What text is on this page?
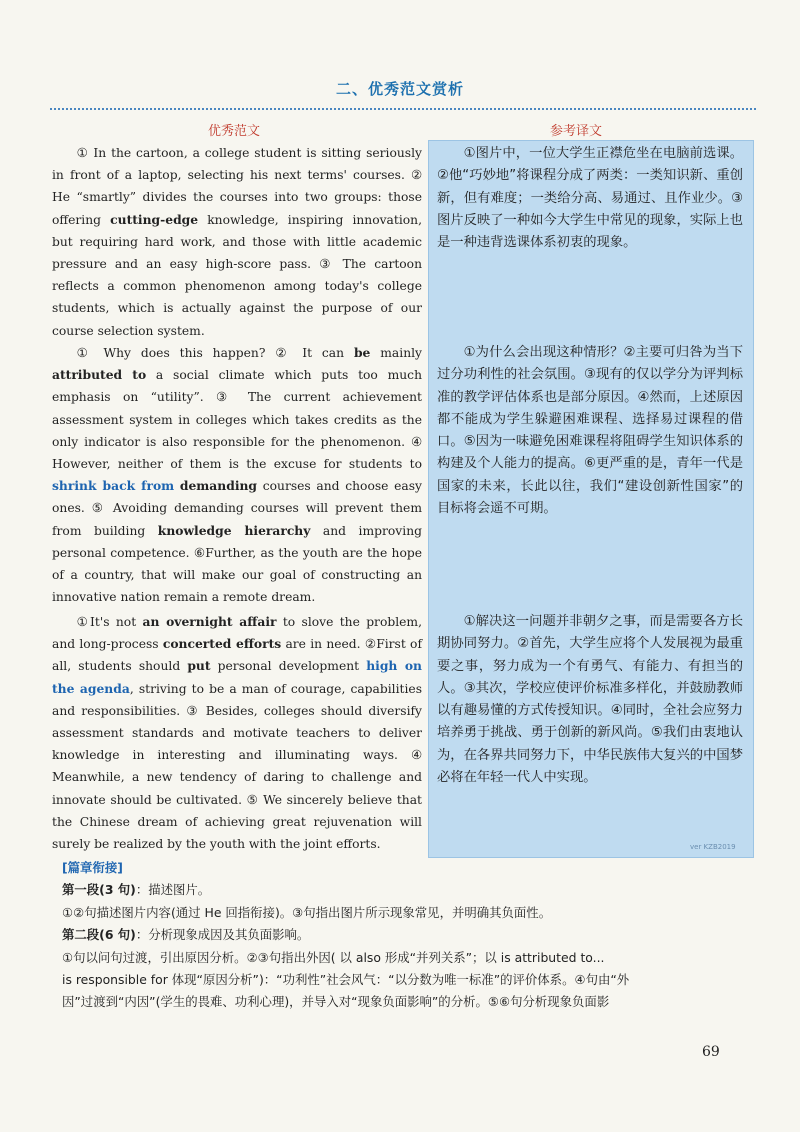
二、优秀范文赏析
优秀范文	参考译文

① In the cartoon, a college student is sitting seriously in front of a laptop, selecting his next terms' courses. ② He “smartly” divides the courses into two groups: those offering cutting-edge knowledge, inspiring innovation, but requiring hard work, and those with little academic pressure and an easy high-score pass. ③ The cartoon reflects a common phenomenon among today's college students, which is actually against the purpose of our course selection system.

① Why does this happen? ② It can be mainly attributed to a social climate which puts too much emphasis on “utility”. ③ The current achievement assessment system in colleges which takes credits as the only indicator is also responsible for the phenomenon. ④ However, neither of them is the excuse for students to shrink back from demanding courses and choose easy ones. ⑤ Avoiding demanding courses will prevent them from building knowledge hierarchy and improving personal competence. ⑥Further, as the youth are the hope of a country, that will make our goal of constructing an innovative nation remain a remote dream.

①It's not an overnight affair to slove the problem, and long-process concerted efforts are in need. ②First of all, students should put personal development high on the agenda, striving to be a man of courage, capabilities and responsibilities. ③ Besides, colleges should diversify assessment standards and motivate teachers to deliver knowledge in interesting and illuminating ways. ④ Meanwhile, a new tendency of daring to challenge and innovate should be cultivated. ⑤ We sincerely believe that the Chinese dream of achieving great rejuvenation will surely be realized by the youth with the joint efforts.

①图片中，一位大学生正襟危坐在电脑前选课。②他“巧妙地”将课程分成了两类：一类知识新、重创新，但有难度；一类给分高、易通过、且作业少。③图片反映了一种如今大学生中常见的现象，实际上也是一种违背选课体系初衷的现象。

①为什么会出现这种情形？②主要可归咎为当下过分功利性的社会氛围。③现有的仅以学分为评判标准的教学评估体系也是部分原因。④然而，上述原因都不能成为学生躲避困难课程、选择易过课程的借口。⑤因为一味避免困难课程将阻碍学生知识体系的构建及个人能力的提高。⑥更严重的是，青年一代是国家的未来，长此以往，我们“建设创新性国家”的目标将会遥不可期。

①解决这一问题并非朝夕之事，而是需要各方长期协同努力。②首先，大学生应将个人发展视为最重要之事，努力成为一个有勇气、有能力、有担当的人。③其次，学校应使评价标准多样化，并鼓励教师以有趣易懂的方式传授知识。④同时，全社会应努力培养勇于挑战、勇于创新的新风尚。⑤我们由衷地认为，在各界共同努力下，中华民族伟大复兴的中国梦必将在年轻一代人中实现。

ver KZB2019
[篇章衔接]
第一段(3 句)：描述图片。
①②句描述图片内容(通过 He 回指衔接)。③句指出图片所示现象常见，并明确其负面性。
第二段(6 句)：分析现象成因及其负面影响。
①句以问句过渡，引出原因分析。②③句指出外因( 以 also 形成“并列关系”；以 is attributed to...
is responsible for 体现“原因分析”)：“功利性”社会风气：“以分数为唯一标准”的评价体系。④句由“外
因”过渡到“内因”(学生的畏难、功利心理)，并导入对“现象负面影响”的分析。⑤⑥句分析现象负面影
69
